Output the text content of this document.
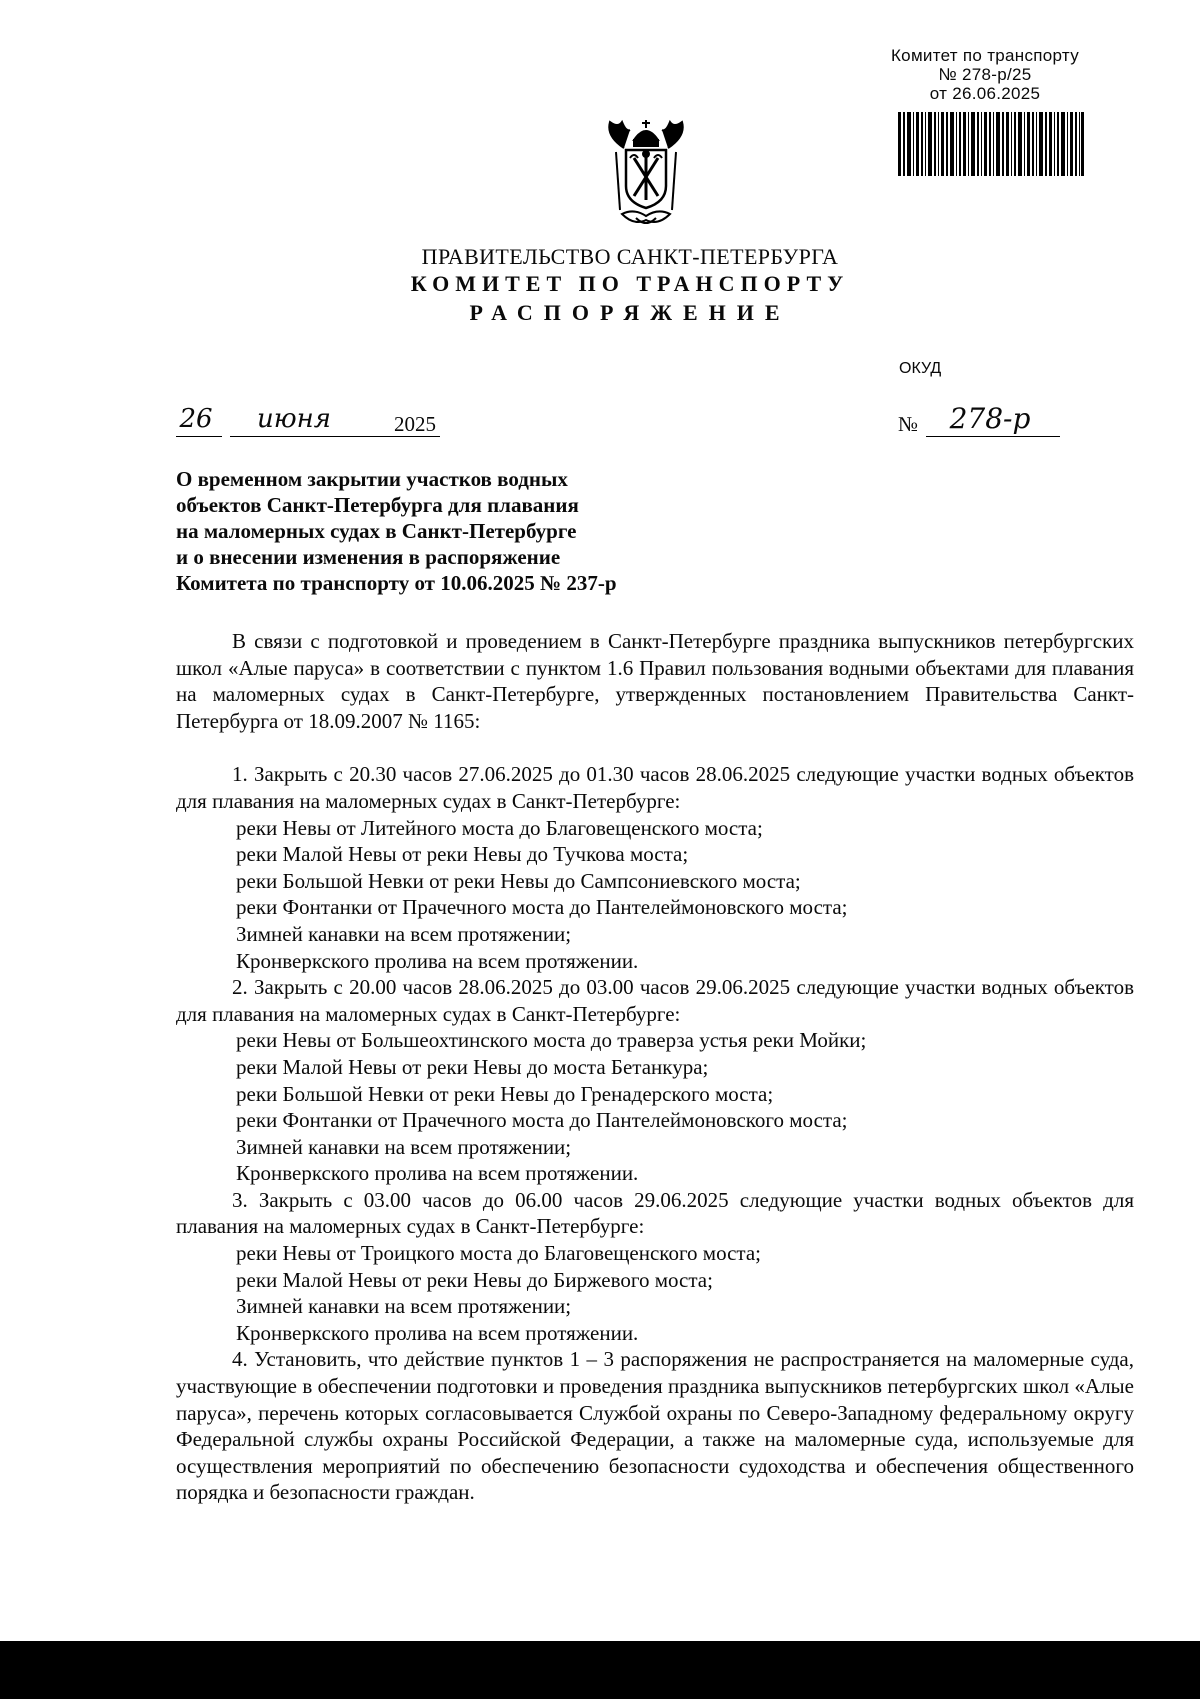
Комитет по транспорту
№ 278-р/25
от 26.06.2025
ПРАВИТЕЛЬСТВО САНКТ-ПЕТЕРБУРГА
КОМИТЕТ ПО ТРАНСПОРТУ
РАСПОРЯЖЕНИЕ
ОКУД
26	июня	2025	№	278-р
О временном закрытии участков водных
объектов Санкт-Петербурга для плавания
на маломерных судах в Санкт-Петербурге
и о внесении изменения в распоряжение
Комитета по транспорту от 10.06.2025 № 237-р

В связи с подготовкой и проведением в Санкт-Петербурге праздника выпускников петербургских школ «Алые паруса» в соответствии с пунктом 1.6 Правил пользования водными объектами для плавания на маломерных судах в Санкт-Петербурге, утвержденных постановлением Правительства Санкт-Петербурга от 18.09.2007 № 1165:

1. Закрыть с 20.30 часов 27.06.2025 до 01.30 часов 28.06.2025 следующие участки водных объектов для плавания на маломерных судах в Санкт-Петербурге:

реки Невы от Литейного моста до Благовещенского моста;

реки Малой Невы от реки Невы до Тучкова моста;

реки Большой Невки от реки Невы до Сампсониевского моста;

реки Фонтанки от Прачечного моста до Пантелеймоновского моста;

Зимней канавки на всем протяжении;

Кронверкского пролива на всем протяжении.

2. Закрыть с 20.00 часов 28.06.2025 до 03.00 часов 29.06.2025 следующие участки водных объектов для плавания на маломерных судах в Санкт-Петербурге:

реки Невы от Большеохтинского моста до траверза устья реки Мойки;

реки Малой Невы от реки Невы до моста Бетанкура;

реки Большой Невки от реки Невы до Гренадерского моста;

реки Фонтанки от Прачечного моста до Пантелеймоновского моста;

Зимней канавки на всем протяжении;

Кронверкского пролива на всем протяжении.

3. Закрыть с 03.00 часов до 06.00 часов 29.06.2025 следующие участки водных объектов для плавания на маломерных судах в Санкт-Петербурге:

реки Невы от Троицкого моста до Благовещенского моста;

реки Малой Невы от реки Невы до Биржевого моста;

Зимней канавки на всем протяжении;

Кронверкского пролива на всем протяжении.

4. Установить, что действие пунктов 1 – 3 распоряжения не распространяется на маломерные суда, участвующие в обеспечении подготовки и проведения праздника выпускников петербургских школ «Алые паруса», перечень которых согласовывается Службой охраны по Северо-Западному федеральному округу Федеральной службы охраны Российской Федерации, а также на маломерные суда, используемые для осуществления мероприятий по обеспечению безопасности судоходства и обеспечения общественного порядка и безопасности граждан.
